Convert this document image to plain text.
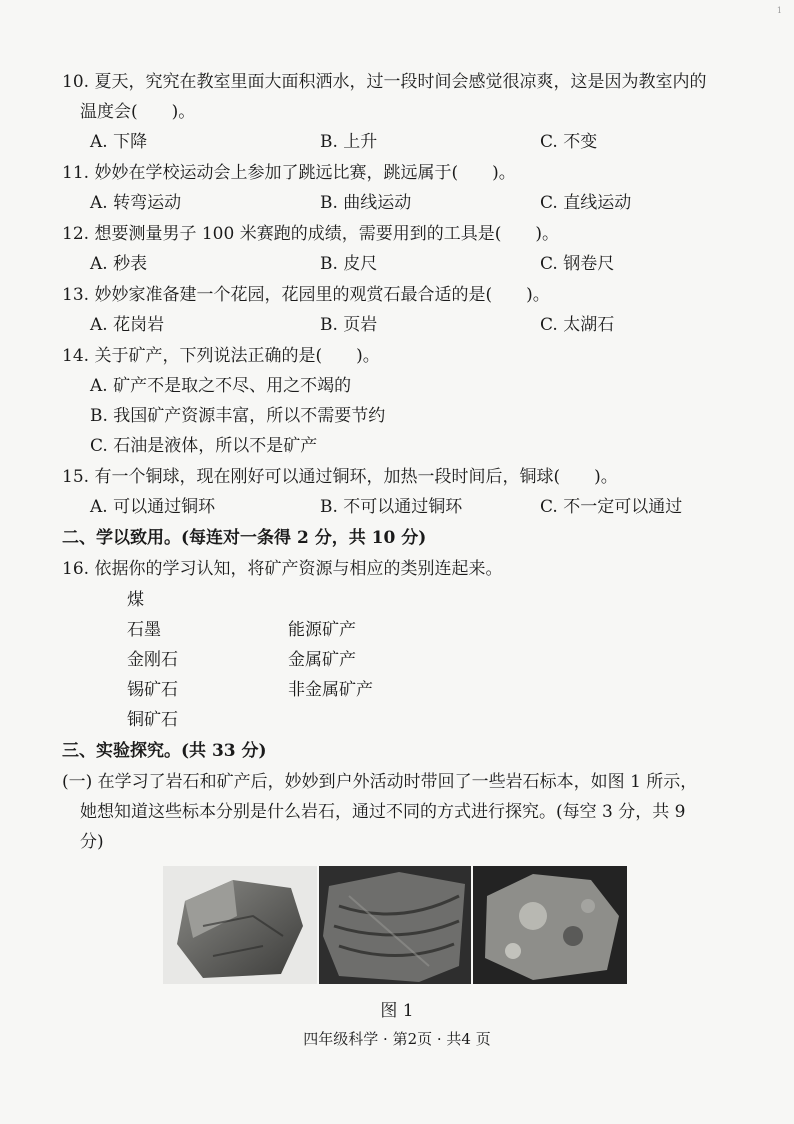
1
10. 夏天，究究在教室里面大面积洒水，过一段时间会感觉很凉爽，这是因为教室内的
温度会(　　)。
A. 下降	B. 上升	C. 不变
11. 妙妙在学校运动会上参加了跳远比赛，跳远属于(　　)。
A. 转弯运动	B. 曲线运动	C. 直线运动
12. 想要测量男子 100 米赛跑的成绩，需要用到的工具是(　　)。
A. 秒表	B. 皮尺	C. 钢卷尺
13. 妙妙家准备建一个花园，花园里的观赏石最合适的是(　　)。
A. 花岗岩	B. 页岩	C. 太湖石
14. 关于矿产，下列说法正确的是(　　)。
A. 矿产不是取之不尽、用之不竭的
B. 我国矿产资源丰富，所以不需要节约
C. 石油是液体，所以不是矿产
15. 有一个铜球，现在刚好可以通过铜环，加热一段时间后，铜球(　　)。
A. 可以通过铜环	B. 不可以通过铜环	C. 不一定可以通过
二、学以致用。(每连对一条得 2 分，共 10 分)
16. 依据你的学习认知，将矿产资源与相应的类别连起来。
煤
石墨
金刚石
锡矿石
铜矿石
能源矿产
金属矿产
非金属矿产
三、实验探究。(共 33 分)
(一) 在学习了岩石和矿产后，妙妙到户外活动时带回了一些岩石标本，如图 1 所示，
她想知道这些标本分别是什么岩石，通过不同的方式进行探究。(每空 3 分，共 9
分)
图 1
四年级科学 · 第2页 · 共4 页
